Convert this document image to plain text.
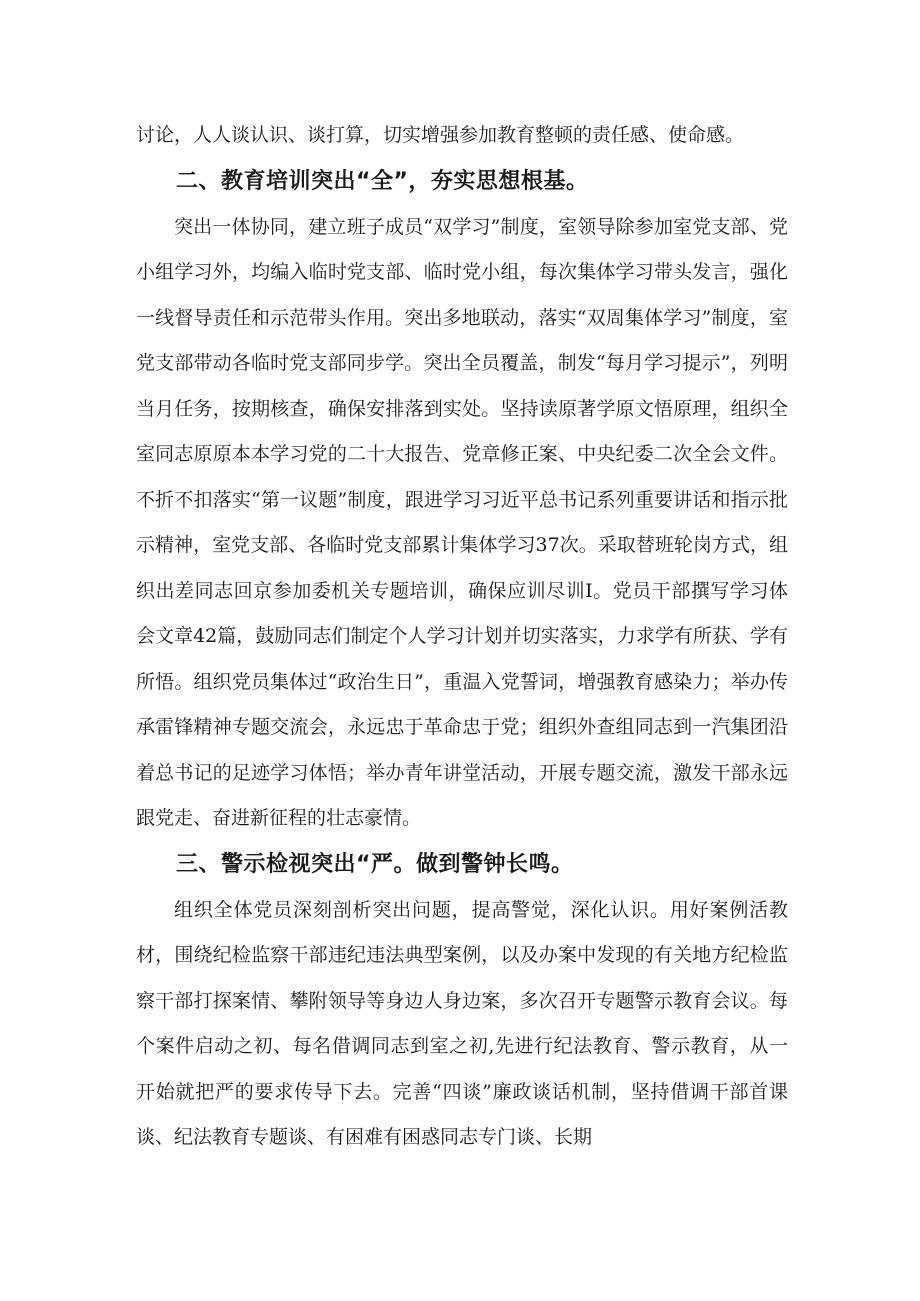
讨论，人人谈认识、谈打算，切实增强参加教育整顿的责任感、使命感。

二、教育培训突出“全”，夯实思想根基。

突出一体协同，建立班子成员“双学习”制度，室领导除参加室党支部、党小组学习外，均编入临时党支部、临时党小组，每次集体学习带头发言，强化一线督导责任和示范带头作用。突出多地联动，落实“双周集体学习”制度，室党支部带动各临时党支部同步学。突出全员覆盖，制发“每月学习提示”，列明当月任务，按期核查，确保安排落到实处。坚持读原著学原文悟原理，组织全室同志原原本本学习党的二十大报告、党章修正案、中央纪委二次全会文件。不折不扣落实“第一议题”制度，跟进学习习近平总书记系列重要讲话和指示批示精神，室党支部、各临时党支部累计集体学习37次。采取替班轮岗方式，组织出差同志回京参加委机关专题培训，确保应训尽训I。党员干部撰写学习体会文章42篇，鼓励同志们制定个人学习计划并切实落实，力求学有所获、学有所悟。组织党员集体过“政治生日”，重温入党誓词，增强教育感染力；举办传承雷锋精神专题交流会，永远忠于革命忠于党；组织外查组同志到一汽集团沿着总书记的足迹学习体悟；举办青年讲堂活动，开展专题交流，激发干部永远跟党走、奋进新征程的壮志豪情。

三、警示检视突出“严。做到警钟长鸣。

组织全体党员深刻剖析突出问题，提高警觉，深化认识。用好案例活教材，围绕纪检监察干部违纪违法典型案例，以及办案中发现的有关地方纪检监察干部打探案情、攀附领导等身边人身边案，多次召开专题警示教育会议。每个案件启动之初、每名借调同志到室之初,先进行纪法教育、警示教育，从一开始就把严的要求传导下去。完善“四谈”廉政谈话机制，坚持借调干部首课谈、纪法教育专题谈、有困难有困惑同志专门谈、长期
